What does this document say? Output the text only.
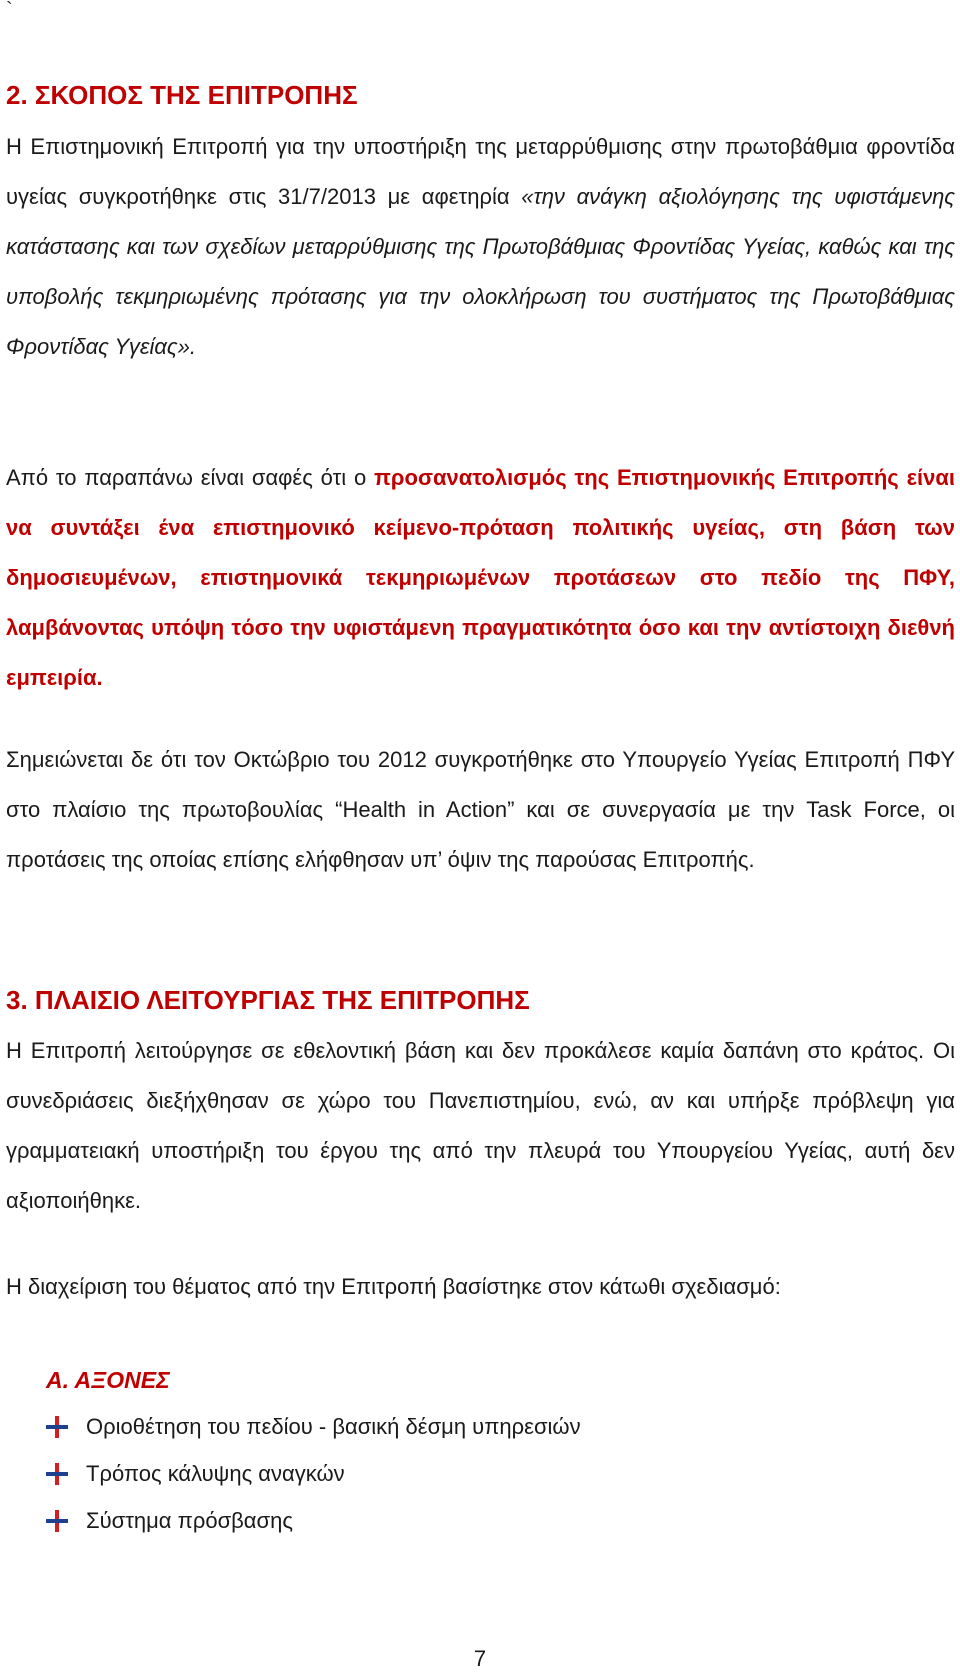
`
2. ΣΚΟΠΟΣ ΤΗΣ ΕΠΙΤΡΟΠΗΣ

Η Επιστημονική Επιτροπή για την υποστήριξη της μεταρρύθμισης στην πρωτοβάθμια φροντίδα υγείας συγκροτήθηκε στις 31/7/2013 με αφετηρία «την ανάγκη αξιολόγησης της υφιστάμενης κατάστασης και των σχεδίων μεταρρύθμισης της Πρωτοβάθμιας Φροντίδας Υγείας, καθώς και της υποβολής τεκμηριωμένης πρότασης για την ολοκλήρωση του συστήματος της Πρωτοβάθμιας Φροντίδας Υγείας».

Από το παραπάνω είναι σαφές ότι ο προσανατολισμός της Επιστημονικής Επιτροπής είναι να συντάξει ένα επιστημονικό κείμενο-πρόταση πολιτικής υγείας, στη βάση των δημοσιευμένων, επιστημονικά τεκμηριωμένων προτάσεων στο πεδίο της ΠΦΥ, λαμβάνοντας υπόψη τόσο την υφιστάμενη πραγματικότητα όσο και την αντίστοιχη διεθνή εμπειρία.

Σημειώνεται δε ότι τον Οκτώβριο του 2012 συγκροτήθηκε στο Υπουργείο Υγείας Επιτροπή ΠΦΥ στο πλαίσιο της πρωτοβουλίας “Health in Action” και σε συνεργασία με την Task Force, οι προτάσεις της οποίας επίσης ελήφθησαν υπ’ όψιν της παρούσας Επιτροπής.

3. ΠΛΑΙΣΙΟ ΛΕΙΤΟΥΡΓΙΑΣ ΤΗΣ ΕΠΙΤΡΟΠΗΣ

Η Επιτροπή λειτούργησε σε εθελοντική βάση και δεν προκάλεσε καμία δαπάνη στο κράτος. Οι συνεδριάσεις διεξήχθησαν σε χώρο του Πανεπιστημίου, ενώ, αν και υπήρξε πρόβλεψη για γραμματειακή υποστήριξη του έργου της από την πλευρά του Υπουργείου Υγείας, αυτή δεν αξιοποιήθηκε.

Η διαχείριση του θέματος από την Επιτροπή βασίστηκε στον κάτωθι σχεδιασμό:

Α. ΑΞΟΝΕΣ
Οριοθέτηση του πεδίου - βασική δέσμη υπηρεσιών
Τρόπος κάλυψης αναγκών
Σύστημα πρόσβασης
7
